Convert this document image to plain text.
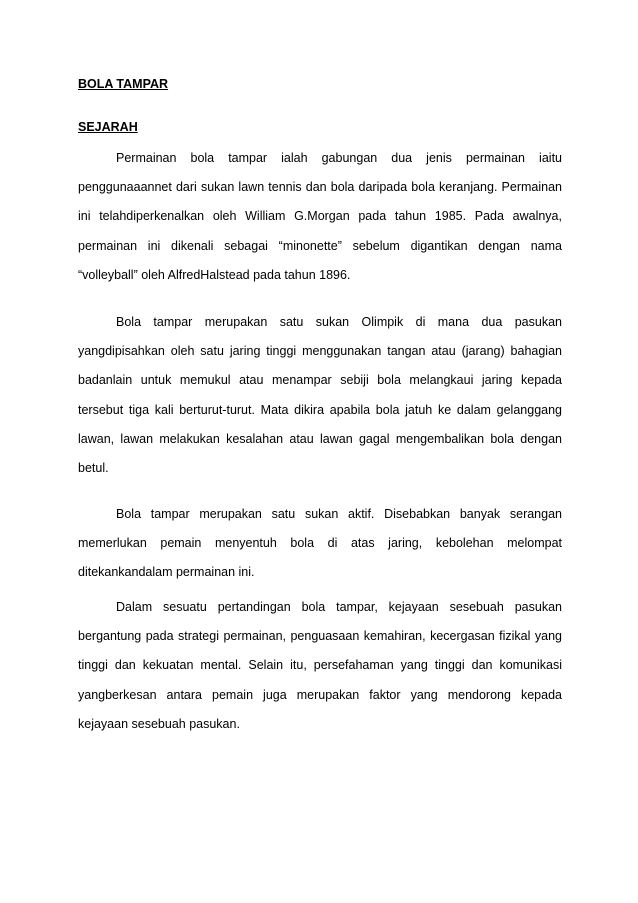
BOLA TAMPAR
SEJARAH

Permainan bola tampar ialah gabungan dua jenis permainan iaitu penggunaaannet dari sukan lawn tennis dan bola daripada bola keranjang. Permainan ini telahdiperkenalkan oleh William G.Morgan pada tahun 1985. Pada awalnya, permainan ini dikenali sebagai “minonette” sebelum digantikan dengan nama “volleyball” oleh AlfredHalstead pada tahun 1896.

Bola tampar merupakan satu sukan Olimpik di mana dua pasukan yangdipisahkan oleh satu jaring tinggi menggunakan tangan atau (jarang) bahagian badanlain untuk memukul atau menampar sebiji bola melangkaui jaring kepada tersebut tiga kali berturut-turut. Mata dikira apabila bola jatuh ke dalam gelanggang lawan, lawan melakukan kesalahan atau lawan gagal mengembalikan bola dengan betul.

Bola tampar merupakan satu sukan aktif. Disebabkan banyak serangan memerlukan pemain menyentuh bola di atas jaring, kebolehan melompat ditekankandalam permainan ini.

Dalam sesuatu pertandingan bola tampar, kejayaan sesebuah pasukan bergantung pada strategi permainan, penguasaan kemahiran, kecergasan fizikal yang tinggi dan kekuatan mental. Selain itu, persefahaman yang tinggi dan komunikasi yangberkesan antara pemain juga merupakan faktor yang mendorong kepada kejayaan sesebuah pasukan.
